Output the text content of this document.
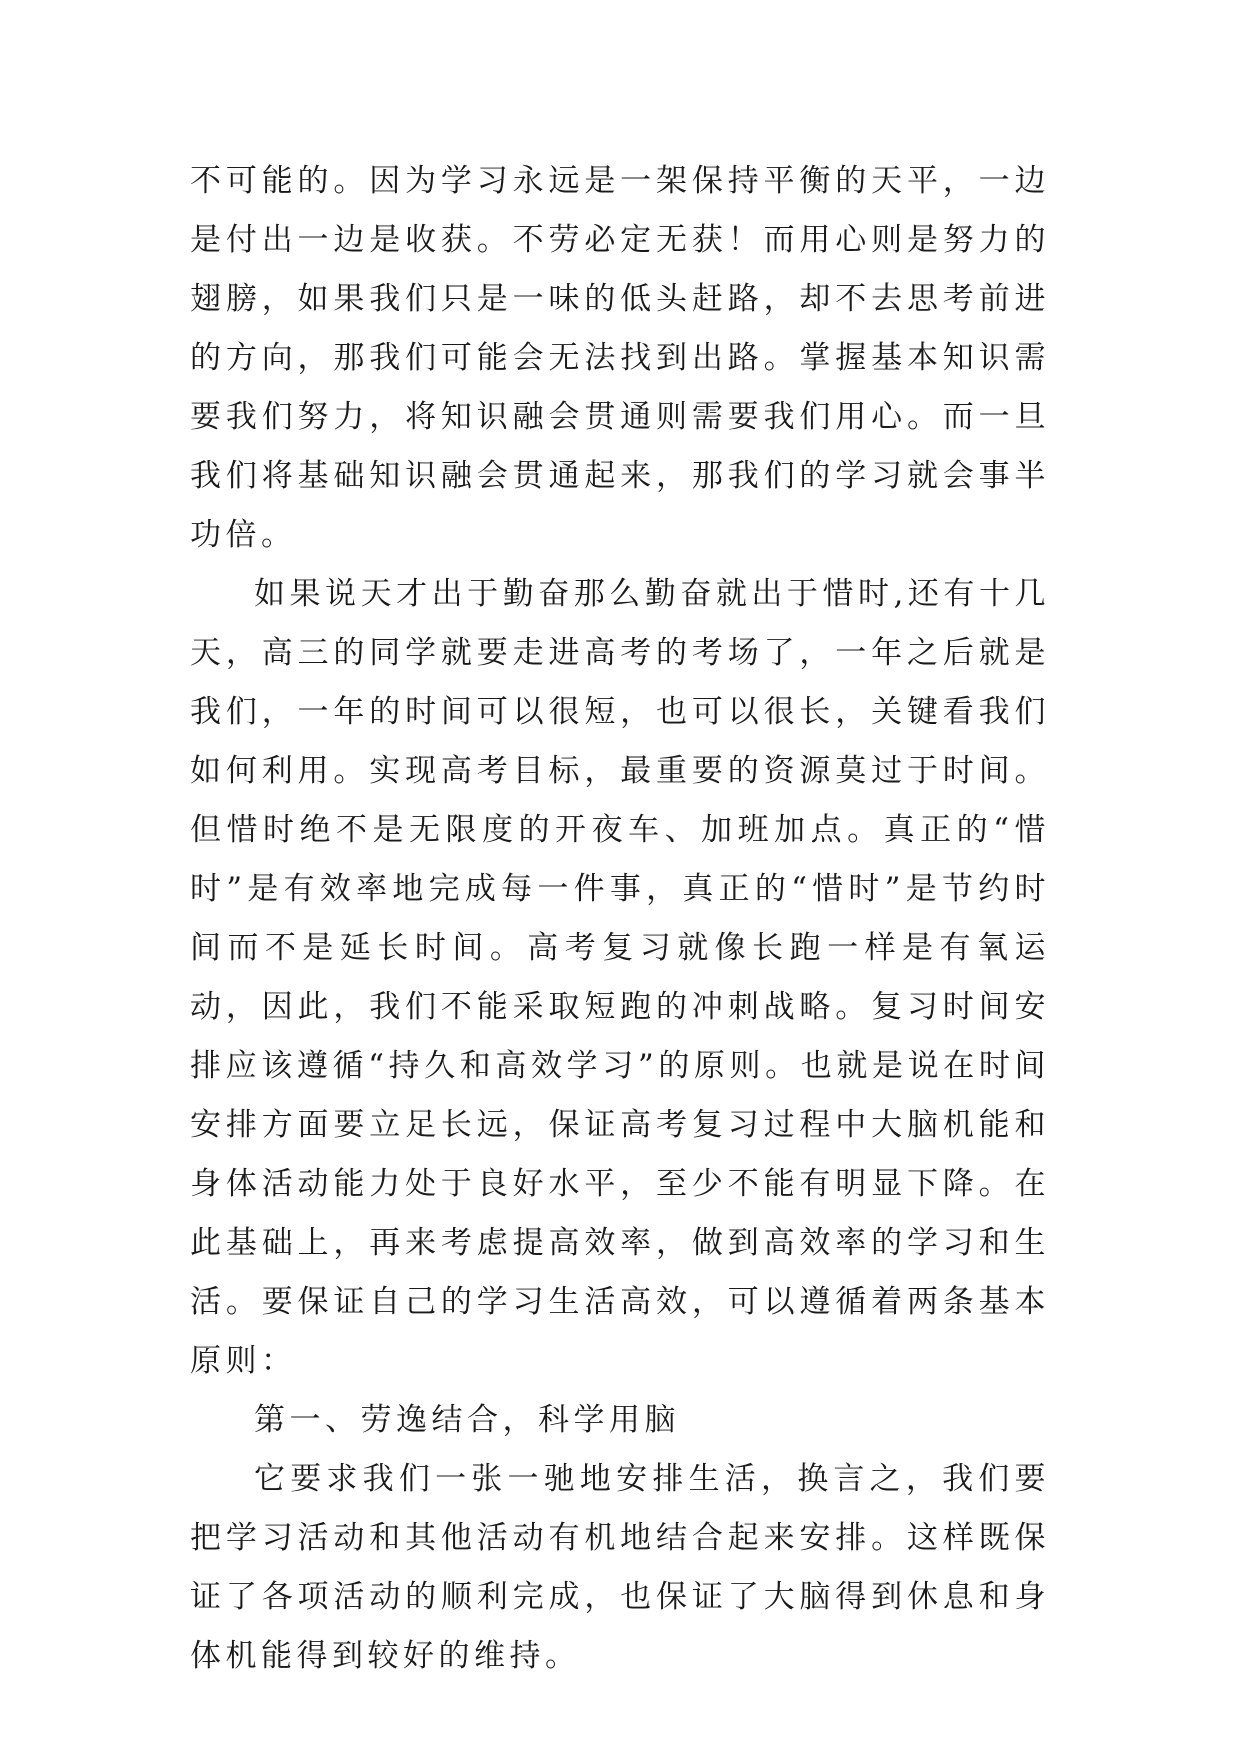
不可能的。因为学习永远是一架保持平衡的天平，一边是付出一边是收获。不劳必定无获！而用心则是努力的翅膀，如果我们只是一味的低头赶路，却不去思考前进的方向，那我们可能会无法找到出路。掌握基本知识需要我们努力，将知识融会贯通则需要我们用心。而一旦我们将基础知识融会贯通起来，那我们的学习就会事半功倍。

如果说天才出于勤奋那么勤奋就出于惜时,还有十几天，高三的同学就要走进高考的考场了，一年之后就是我们，一年的时间可以很短，也可以很长，关键看我们如何利用。实现高考目标，最重要的资源莫过于时间。但惜时绝不是无限度的开夜车、加班加点。真正的“惜时”是有效率地完成每一件事，真正的“惜时”是节约时间而不是延长时间。高考复习就像长跑一样是有氧运动，因此，我们不能采取短跑的冲刺战略。复习时间安排应该遵循“持久和高效学习”的原则。也就是说在时间安排方面要立足长远，保证高考复习过程中大脑机能和身体活动能力处于良好水平，至少不能有明显下降。在此基础上，再来考虑提高效率，做到高效率的学习和生活。要保证自己的学习生活高效，可以遵循着两条基本原则：

第一、劳逸结合，科学用脑

它要求我们一张一驰地安排生活，换言之，我们要把学习活动和其他活动有机地结合起来安排。这样既保证了各项活动的顺利完成，也保证了大脑得到休息和身体机能得到较好的维持。
